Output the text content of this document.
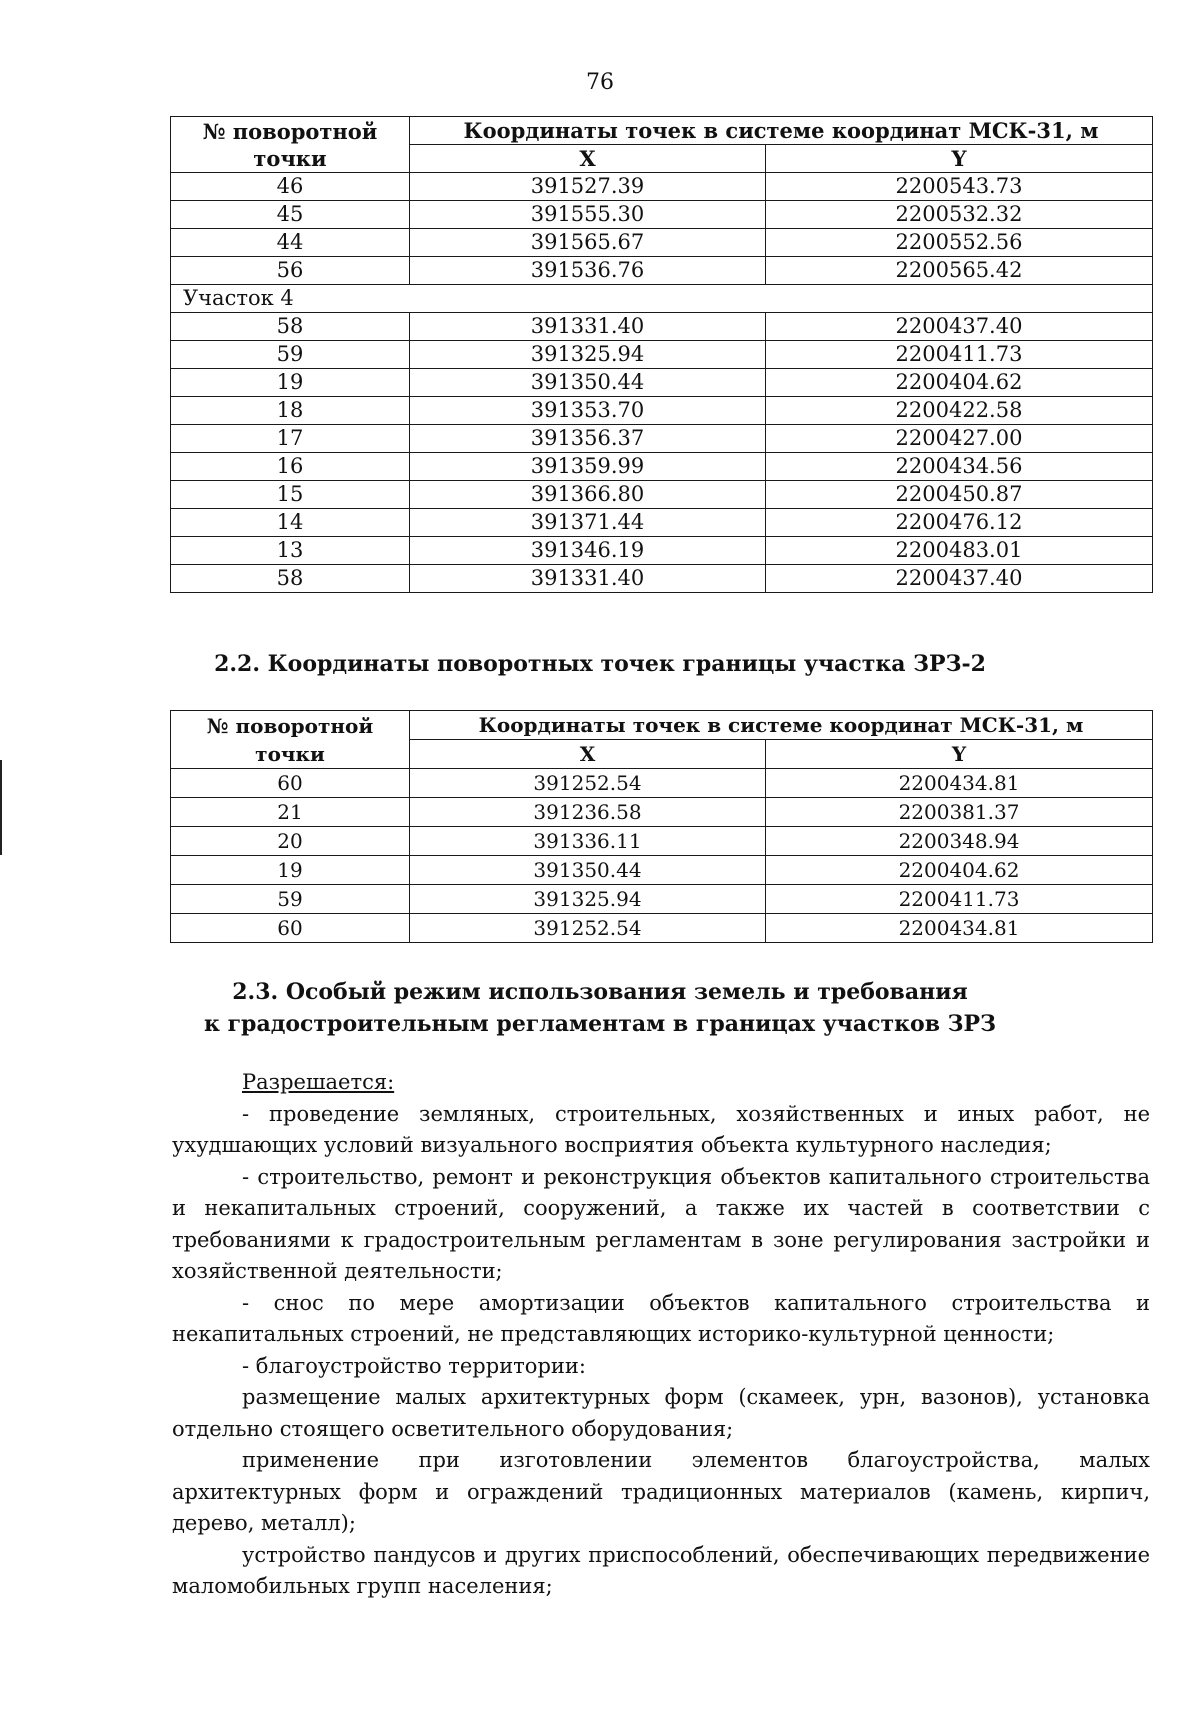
76
№ поворотной точки	Координаты точек в системе координат МСК-31, м	
	X	Y
46	391527.39	2200543.73
45	391555.30	2200532.32
44	391565.67	2200552.56
56	391536.76	2200565.42
Участок 4		
58	391331.40	2200437.40
59	391325.94	2200411.73
19	391350.44	2200404.62
18	391353.70	2200422.58
17	391356.37	2200427.00
16	391359.99	2200434.56
15	391366.80	2200450.87
14	391371.44	2200476.12
13	391346.19	2200483.01
58	391331.40	2200437.40
2.2. Координаты поворотных точек границы участка ЗРЗ-2
№ поворотной точки	Координаты точек в системе координат МСК-31, м	
	X	Y
60	391252.54	2200434.81
21	391236.58	2200381.37
20	391336.11	2200348.94
19	391350.44	2200404.62
59	391325.94	2200411.73
60	391252.54	2200434.81
2.3. Особый режим использования земель и требования
к градостроительным регламентам в границах участков ЗРЗ

Разрешается:

- проведение земляных, строительных, хозяйственных и иных работ, не ухудшающих условий визуального восприятия объекта культурного наследия;

- строительство, ремонт и реконструкция объектов капитального строительства и некапитальных строений, сооружений, а также их частей в соответствии с требованиями к градостроительным регламентам в зоне регулирования застройки и хозяйственной деятельности;

- снос по мере амортизации объектов капитального строительства и некапитальных строений, не представляющих историко-культурной ценности;

- благоустройство территории:

размещение малых архитектурных форм (скамеек, урн, вазонов), установка отдельно стоящего осветительного оборудования;

применение при изготовлении элементов благоустройства, малых архитектурных форм и ограждений традиционных материалов (камень, кирпич, дерево, металл);

устройство пандусов и других приспособлений, обеспечивающих передвижение маломобильных групп населения;
